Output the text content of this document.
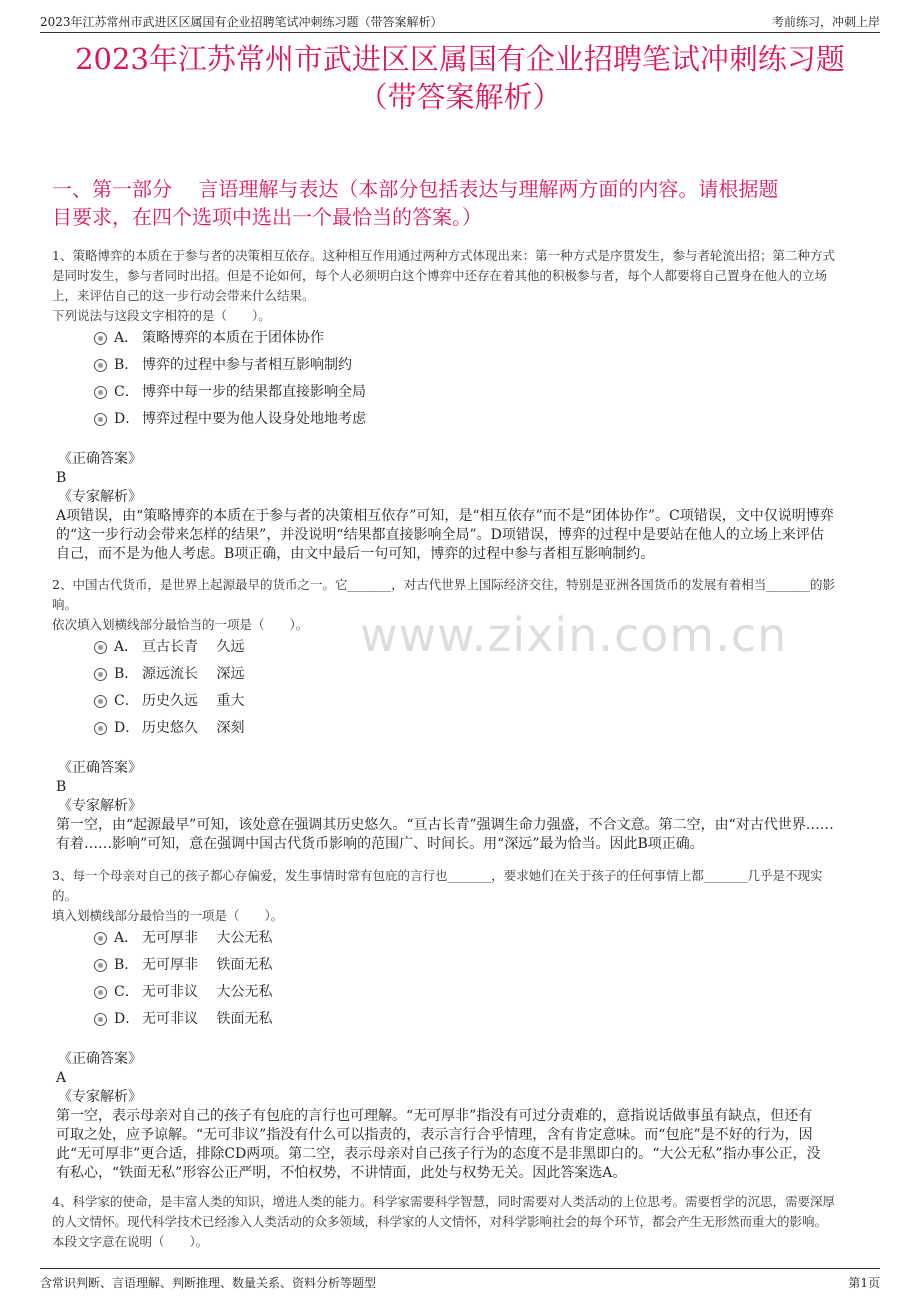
2023年江苏常州市武进区区属国有企业招聘笔试冲刺练习题（带答案解析）	考前练习，冲刺上岸
2023年江苏常州市武进区区属国有企业招聘笔试冲刺练习题
（带答案解析）
一、第一部分　 言语理解与表达（本部分包括表达与理解两方面的内容。请根据题
目要求，在四个选项中选出一个最恰当的答案。）
www.zixin.com.cn

1、策略博弈的本质在于参与者的决策相互依存。这种相互作用通过两种方式体现出来：第一种方式是序贯发生，参与者轮流出招；第二种方式

是同时发生，参与者同时出招。但是不论如何，每个人必须明白这个博弈中还存在着其他的积极参与者，每个人都要将自己置身在他人的立场

上，来评估自己的这一步行动会带来什么结果。

下列说法与这段文字相符的是（　　）。

A． 策略博弈的本质在于团体协作
B． 博弈的过程中参与者相互影响制约
C． 博弈中每一步的结果都直接影响全局
D． 博弈过程中要为他人设身处地地考虑

《正确答案》

B

《专家解析》

A项错误，由“策略博弈的本质在于参与者的决策相互依存”可知，是“相互依存”而不是“团体协作”。C项错误，文中仅说明博弈

的“这一步行动会带来怎样的结果”，并没说明“结果都直接影响全局”。D项错误，博弈的过程中是要站在他人的立场上来评估

自己，而不是为他人考虑。B项正确，由文中最后一句可知，博弈的过程中参与者相互影响制约。

2、中国古代货币，是世界上起源最早的货币之一。它_______，对古代世界上国际经济交往，特别是亚洲各国货币的发展有着相当_______的影

响。

依次填入划横线部分最恰当的一项是（　　）。

A． 亘古长青　 久远
B． 源远流长　 深远
C． 历史久远　 重大
D． 历史悠久　 深刻

《正确答案》

B

《专家解析》

第一空，由“起源最早”可知，该处意在强调其历史悠久。“亘古长青”强调生命力强盛，不合文意。第二空，由“对古代世界……

有着……影响”可知，意在强调中国古代货币影响的范围广、时间长。用“深远”最为恰当。因此B项正确。

3、每一个母亲对自己的孩子都心存偏爱，发生事情时常有包庇的言行也_______，要求她们在关于孩子的任何事情上都_______几乎是不现实

的。

填入划横线部分最恰当的一项是（　　）。

A． 无可厚非　 大公无私
B． 无可厚非　 铁面无私
C． 无可非议　 大公无私
D． 无可非议　 铁面无私

《正确答案》

A

《专家解析》

第一空，表示母亲对自己的孩子有包庇的言行也可理解。“无可厚非”指没有可过分责难的，意指说话做事虽有缺点，但还有

可取之处，应予谅解。“无可非议”指没有什么可以指责的，表示言行合乎情理，含有肯定意味。而“包庇”是不好的行为，因

此“无可厚非”更合适，排除CD两项。第二空，表示母亲对自己孩子行为的态度不是非黑即白的。“大公无私”指办事公正，没

有私心，“铁面无私”形容公正严明，不怕权势，不讲情面，此处与权势无关。因此答案选A。

4、科学家的使命，是丰富人类的知识，增进人类的能力。科学家需要科学智慧，同时需要对人类活动的上位思考。需要哲学的沉思，需要深厚

的人文情怀。现代科学技术已经渗入人类活动的众多领域，科学家的人文情怀，对科学影响社会的每个环节，都会产生无形然而重大的影响。

本段文字意在说明（　　）。

含常识判断、言语理解、判断推理、数量关系、资料分析等题型	第1页
